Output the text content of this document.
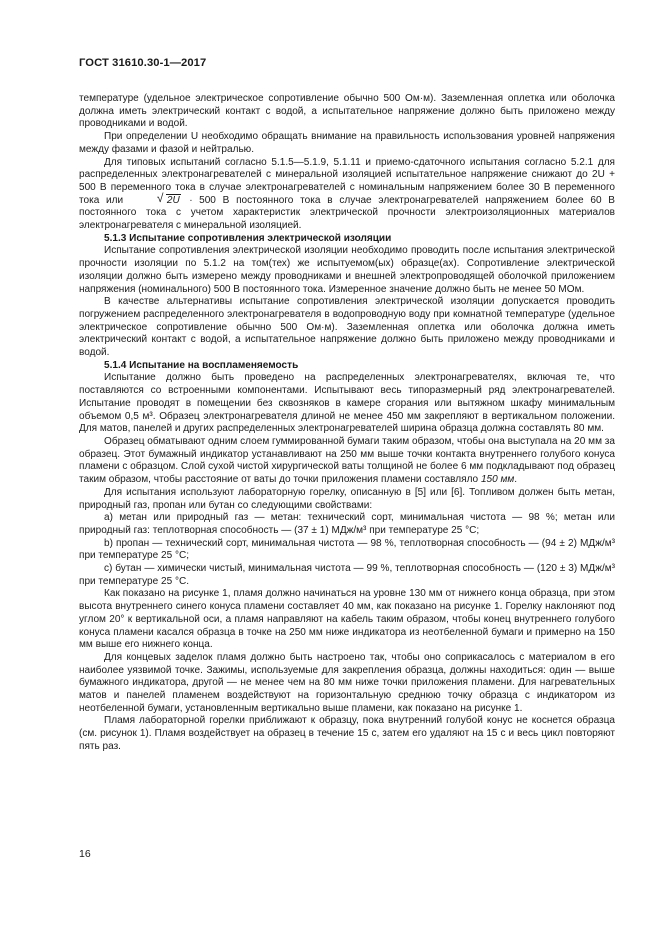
ГОСТ 31610.30-1—2017

температуре (удельное электрическое сопротивление обычно 500 Ом·м). Заземленная оплетка или оболочка должна иметь электрический контакт с водой, а испытательное напряжение должно быть приложено между проводниками и водой.

При определении U необходимо обращать внимание на правильность использования уровней напряжения между фазами и фазой и нейтралью.

Для типовых испытаний согласно 5.1.5—5.1.9, 5.1.11 и приемо-сдаточного испытания согласно 5.2.1 для распределенных электронагревателей с минеральной изоляцией испытательное напряжение снижают до 2U + 500 В переменного тока в случае электронагревателей с номинальным напряжением более 30 В переменного тока или	√ 2U ∙ 500 В постоянного тока в случае электронагревателей напряжением более 60 В постоянного тока с учетом характеристик электрической прочности электроизоляционных материалов электронагревателя с минеральной изоляцией.

5.1.3 Испытание сопротивления электрической изоляции

Испытание сопротивления электрической изоляции необходимо проводить после испытания электрической прочности изоляции по 5.1.2 на том(тех) же испытуемом(ых) образце(ах). Сопротивление электрической изоляции должно быть измерено между проводниками и внешней электропроводящей оболочкой приложением напряжения (номинального) 500 В постоянного тока. Измеренное значение должно быть не менее 50 МОм.

В качестве альтернативы испытание сопротивления электрической изоляции допускается проводить погружением распределенного электронагревателя в водопроводную воду при комнатной температуре (удельное электрическое сопротивление обычно 500 Ом·м). Заземленная оплетка или оболочка должна иметь электрический контакт с водой, а испытательное напряжение должно быть приложено между проводниками и водой.

5.1.4 Испытание на воспламеняемость

Испытание должно быть проведено на распределенных электронагревателях, включая те, что поставляются со встроенными компонентами. Испытывают весь типоразмерный ряд электронагревателей. Испытание проводят в помещении без сквозняков в камере сгорания или вытяжном шкафу минимальным объемом 0,5 м³. Образец электронагревателя длиной не менее 450 мм закрепляют в вертикальном положении. Для матов, панелей и других распределенных электронагревателей ширина образца должна составлять 80 мм.

Образец обматывают одним слоем гуммированной бумаги таким образом, чтобы она выступала на 20 мм за образец. Этот бумажный индикатор устанавливают на 250 мм выше точки контакта внутреннего голубого конуса пламени с образцом. Слой сухой чистой хирургической ваты толщиной не более 6 мм подкладывают под образец таким образом, чтобы расстояние от ваты до точки приложения пламени составляло 150 мм.

Для испытания используют лабораторную горелку, описанную в [5] или [6]. Топливом должен быть метан, природный газ, пропан или бутан со следующими свойствами:

а) метан или природный газ — метан: технический сорт, минимальная чистота — 98 %; метан или природный газ: теплотворная способность — (37 ± 1) МДж/м³ при температуре 25 °С;

b) пропан — технический сорт, минимальная чистота — 98 %, теплотворная способность — (94 ± 2) МДж/м³ при температуре 25 °С;

c) бутан — химически чистый, минимальная чистота — 99 %, теплотворная способность — (120 ± 3) МДж/м³ при температуре 25 °С.

Как показано на рисунке 1, пламя должно начинаться на уровне 130 мм от нижнего конца образца, при этом высота внутреннего синего конуса пламени составляет 40 мм, как показано на рисунке 1. Горелку наклоняют под углом 20° к вертикальной оси, а пламя направляют на кабель таким образом, чтобы конец внутреннего голубого конуса пламени касался образца в точке на 250 мм ниже индикатора из неотбеленной бумаги и примерно на 150 мм выше его нижнего конца.

Для концевых заделок пламя должно быть настроено так, чтобы оно соприкасалось с материалом в его наиболее уязвимой точке. Зажимы, используемые для закрепления образца, должны находиться: один — выше бумажного индикатора, другой — не менее чем на 80 мм ниже точки приложения пламени. Для нагревательных матов и панелей пламенем воздействуют на горизонтальную среднюю точку образца с индикатором из неотбеленной бумаги, установленным вертикально выше пламени, как показано на рисунке 1.

Пламя лабораторной горелки приближают к образцу, пока внутренний голубой конус не коснется образца (см. рисунок 1). Пламя воздействует на образец в течение 15 с, затем его удаляют на 15 с и весь цикл повторяют пять раз.

16
